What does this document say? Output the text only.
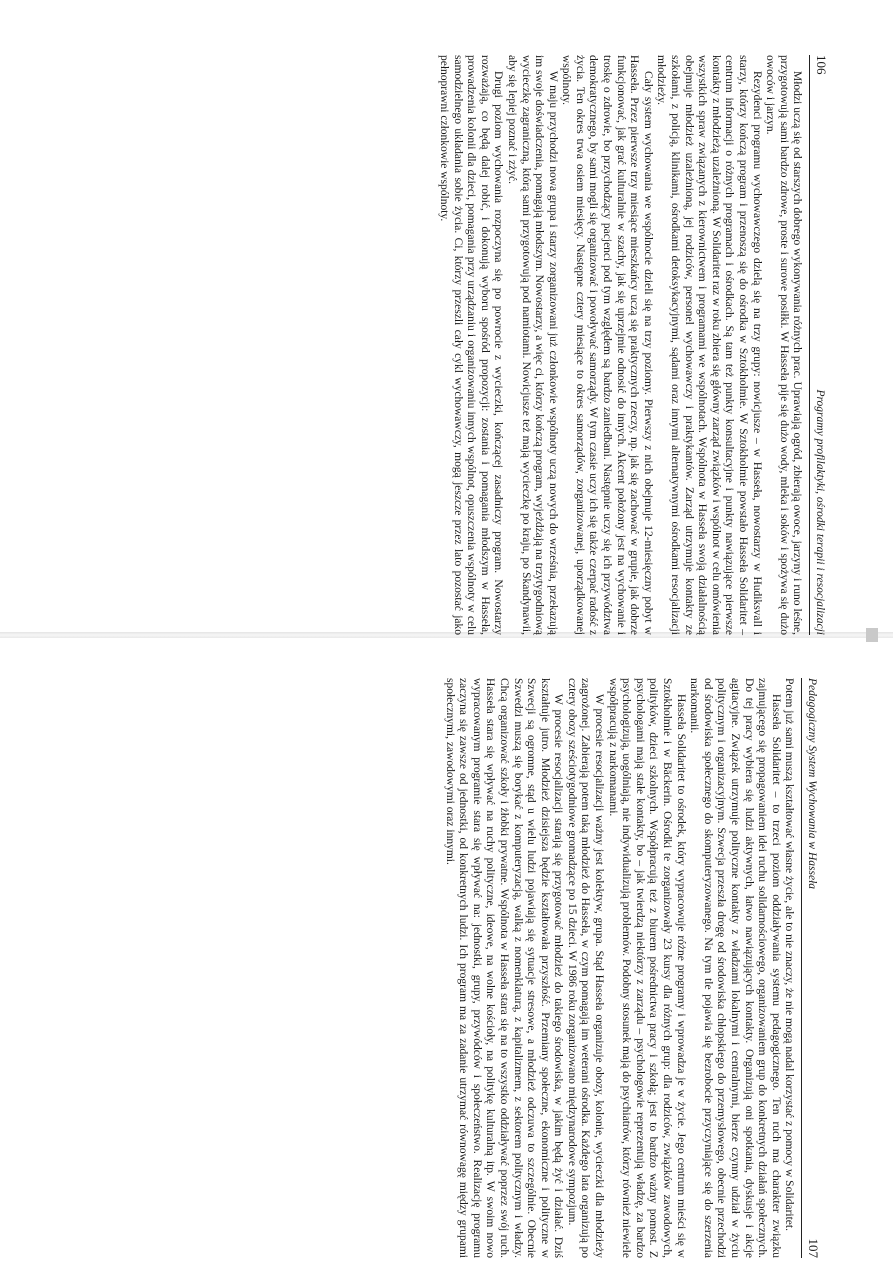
106
Programy profilaktyki, ośrodki terapii i resocjalizacji

Młodzi uczą się od starszych dobrego wykonywania różnych prac. Uprawiają ogród, zbierają owoce, jarzyny i runo leśne, przygotowują sami bardzo zdrowe, proste i surowe posiłki. W Hasseła pije się dużo wody, mleka i soków i spożywa się dużo owoców i jarzyn.

Rezydenci programu wychowawczego dzielą się na trzy grupy: nowicjusze – w Hasseła, nowostarzy w Hudiksvall i starzy, którzy kończą program i przenoszą się do ośrodka w Sztokholmie. W Sztokholmie powstało Hasseła Solidaritet – centrum informacji o różnych programach i ośrodkach. Są tam też punkty konsultacyjne i punkty nawiązujące pierwsze kontakty z młodzieżą uzależnioną. W Solidaritet raz w roku zbiera się główny zarząd związków i wspólnot w celu omówienia wszystkich spraw związanych z kierownictwem i programami we wspólnotach. Wspólnota w Hasseła swoją działalnością obejmuje młodzież uzależnioną, jej rodziców, personel wychowawczy i praktykantów. Zarząd utrzymuje kontakty ze szkołami, z policją, klinikami, ośrodkami detoksykacyjnymi, sądami oraz innymi alternatywnymi ośrodkami resocjalizacji młodzieży.

Cały system wychowania we wspólnocie dzieli się na trzy poziomy. Pierwszy z nich obejmuje 12-miesięczny pobyt w Hasseła. Przez pierwsze trzy miesiące mieszkańcy uczą się praktycznych rzeczy, np. jak się zachować w grupie, jak dobrze funkcjonować, jak grać kulturalnie w szachy, jak się uprzejmie odnosić do innych. Akcent położony jest na wychowanie i troskę o zdrowie, bo przychodzący pacjenci pod tym względem są bardzo zaniedbani. Następnie uczy się ich przywództwa demokratycznego, by sami mogli się organizować i powoływać samorządy. W tym czasie uczy ich się także czerpać radość z życia. Ten okres trwa osiem miesięcy. Następne cztery miesiące to okres samorządów, zorganizowanej, uporządkowanej wspólnoty.

W maju przychodzi nowa grupa i starzy zorganizowani już członkowie wspólnoty uczą nowych do września, przekazują im swoje doświadczenia, pomagają młodszym. Nowostarzy, a więc ci, którzy kończą program, wyjeżdżają na trzytygodniową wycieczkę zagraniczną, którą sami przygotowują pod namiotami. Nowicjusze też mają wycieczkę po kraju, po Skandynawii, aby się lepiej poznać i zżyć.

Drugi poziom wychowania rozpoczyna się po powrocie z wycieczki, kończącej zasadniczy program. Nowostarzy rozważają, co będą dalej robić, i dokonują wyboru spośród propozycji: zostania i pomagania młodszym w Hasseła, prowadzenia kolonii dla dzieci, pomagania przy urządzaniu i organizowaniu innych wspólnot, opuszczenia wspólnoty w celu samodzielnego układania sobie życia. Ci, którzy przeszli cały cykl wychowawczy, mogą jeszcze przez lato pozostać jako pełnoprawni członkowie wspólnoty.

Pedagogiczny System Wychowania w Hasseła
107

Potem już sami muszą kształtować własne życie, ale to nie znaczy, że nie mogą nadal korzystać z pomocy w Solidaritet.

Hasseła Solidaritet – to trzeci poziom oddziaływania systemu pedagogicznego. Ten ruch ma charakter związku zajmującego się propagowaniem idei ruchu solidarnościowego, organizowaniem grup do konkretnych działań społecznych. Do tej pracy wybiera się ludzi aktywnych, łatwo nawiązujących kontakty. Organizują oni spotkania, dyskusje i akcje agitacyjne. Związek utrzymuje polityczne kontakty z władzami lokalnymi i centralnymi, bierze czynny udział w życiu politycznym i organizacyjnym. Szwecja przeszła drogę od środowiska chłopskiego do przemysłowego, obecnie przechodzi od środowiska społecznego do skomputeryzowanego. Na tym tle pojawia się bezrobocie przyczyniające się do szerzenia narkomanii.

Hasseła Solidaritet to ośrodek, który wypracowuje różne programy i wprowadza je w życie. Jego centrum mieści się w Sztokholmie i w Bäckerin. Ośrodki te zorganizowały 23 kursy dla różnych grup: dla rodziców, związków zawodowych, polityków, dzieci szkolnych. Współpracują też z biurem pośrednictwa pracy i szkołą; jest to bardzo ważny pomost. Z psychologami mają stałe kontakty, bo – jak twierdzą niektórzy z zarządu – psychologowie reprezentują władzę, za bardzo psychologizują, uogólniają, nie indywidualizują problemów. Podobny stosunek mają do psychiatrów, którzy również niewiele współpracują z narkomanami.

W procesie resocjalizacji ważny jest kolektyw, grupa. Stąd Hasseła organizuje obozy, kolonie, wycieczki dla młodzieży zagrożonej. Zabierają potem taką młodzież do Hasseła, w czym pomagają im weterani ośrodka. Każdego lata organizują po cztery obozy sześciotygodniowe gromadzące po 15 dzieci. W 1986 roku zorganizowano międzynarodowe sympozjum.

W procesie resocjalizacji starają się przygotować młodzież do takiego środowiska, w jakim będą żyć i działać. Dziś kształtuje jutro. Młodzież dzisiejsza będzie kształtowała przyszłość. Przemiany społeczne, ekonomiczne i polityczne w Szwecji są ogromne, stąd u wielu ludzi pojawiają się sytuacje stresowe, a młodzież odczuwa to szczególnie. Obecnie Szwedzi muszą się borykać z komputeryzacją, walką z nomenklaturą, z kapitalizmem, z sektorem politycznym i władzy. Chcą organizować szkoły i żłobki prywatne. Wspólnota w Hasseła stara się na to wszystko oddziaływać poprzez swój ruch. Hasseła stara się wpływać na ruchy polityczne, ideowe, na wolne kościoły, na politykę kulturalną itp. W swoim nowo wypracowanym programie stara się wpływać na: jednostki, grupy, przywódców i społeczeństwo. Realizację programu zaczyna się zawsze od jednostki, od konkretnych ludzi. Ich program ma za zadanie utrzymać równowagę między grupami społecznymi, zawodowymi oraz innymi.
